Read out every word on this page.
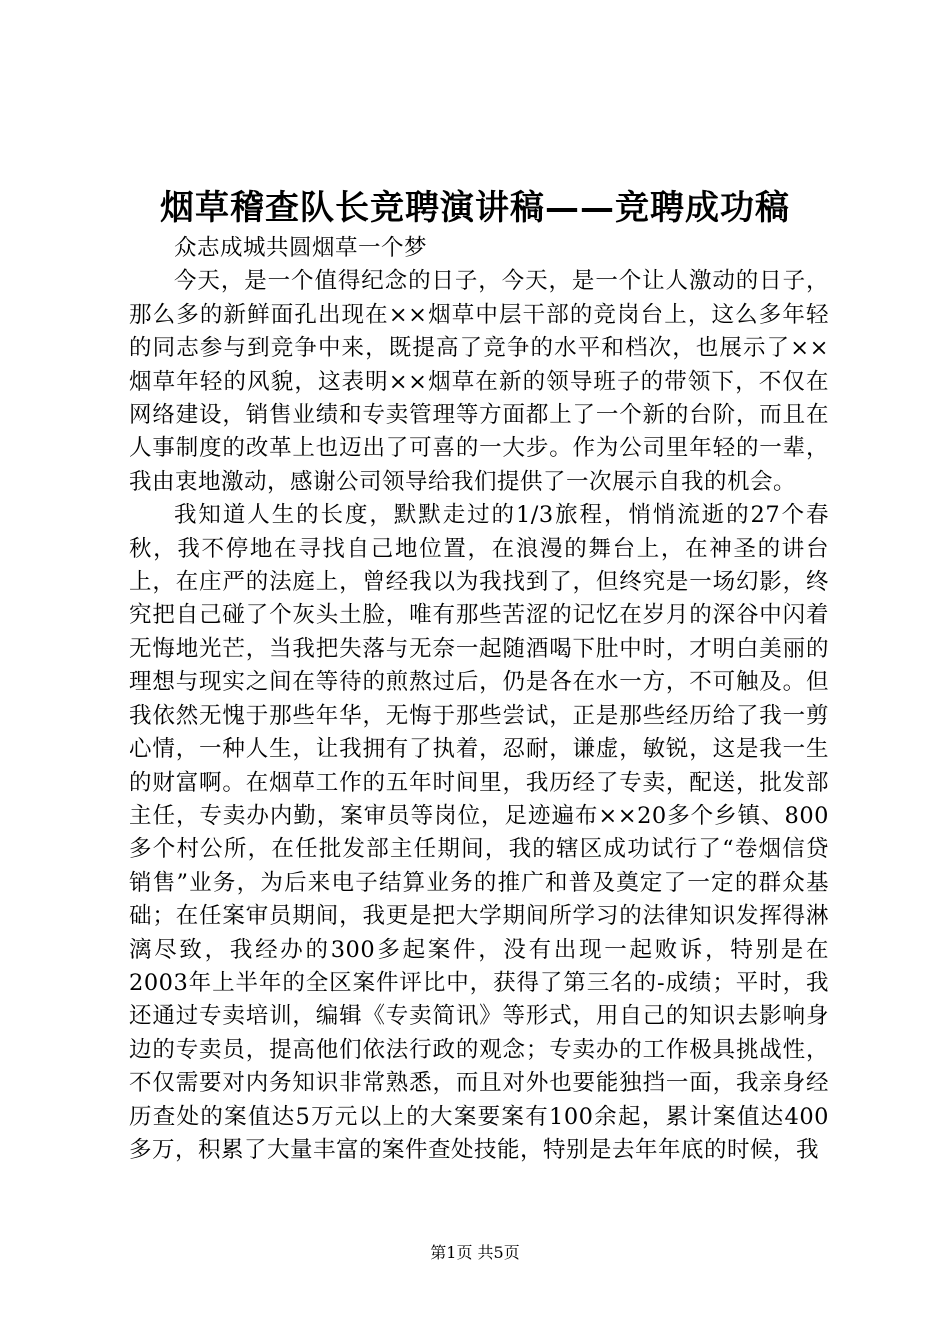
烟草稽查队长竞聘演讲稿——竞聘成功稿

众志成城共圆烟草一个梦

今天，是一个值得纪念的日子，今天，是一个让人激动的日子，那么多的新鲜面孔出现在××烟草中层干部的竞岗台上，这么多年轻的同志参与到竞争中来，既提高了竞争的水平和档次，也展示了××烟草年轻的风貌，这表明××烟草在新的领导班子的带领下，不仅在网络建设，销售业绩和专卖管理等方面都上了一个新的台阶，而且在人事制度的改革上也迈出了可喜的一大步。作为公司里年轻的一辈，我由衷地激动，感谢公司领导给我们提供了一次展示自我的机会。

我知道人生的长度，默默走过的1/3旅程，悄悄流逝的27个春秋，我不停地在寻找自己地位置，在浪漫的舞台上，在神圣的讲台上，在庄严的法庭上，曾经我以为我找到了，但终究是一场幻影，终究把自己碰了个灰头土脸，唯有那些苦涩的记忆在岁月的深谷中闪着无悔地光芒，当我把失落与无奈一起随酒喝下肚中时，才明白美丽的理想与现实之间在等待的煎熬过后，仍是各在水一方，不可触及。但我依然无愧于那些年华，无悔于那些尝试，正是那些经历给了我一剪心情，一种人生，让我拥有了执着，忍耐，谦虚，敏锐，这是我一生的财富啊。在烟草工作的五年时间里，我历经了专卖，配送，批发部主任，专卖办内勤，案审员等岗位，足迹遍布××20多个乡镇、800多个村公所，在任批发部主任期间，我的辖区成功试行了“卷烟信贷销售”业务，为后来电子结算业务的推广和普及奠定了一定的群众基础；在任案审员期间，我更是把大学期间所学习的法律知识发挥得淋漓尽致，我经办的300多起案件，没有出现一起败诉，特别是在2003年上半年的全区案件评比中，获得了第三名的-成绩；平时，我还通过专卖培训，编辑《专卖简讯》等形式，用自己的知识去影响身边的专卖员，提高他们依法行政的观念；专卖办的工作极具挑战性，不仅需要对内务知识非常熟悉，而且对外也要能独挡一面，我亲身经历查处的案值达5万元以上的大案要案有100余起，累计案值达400多万，积累了大量丰富的案件查处技能，特别是去年年底的时候，我

第1页 共5页
